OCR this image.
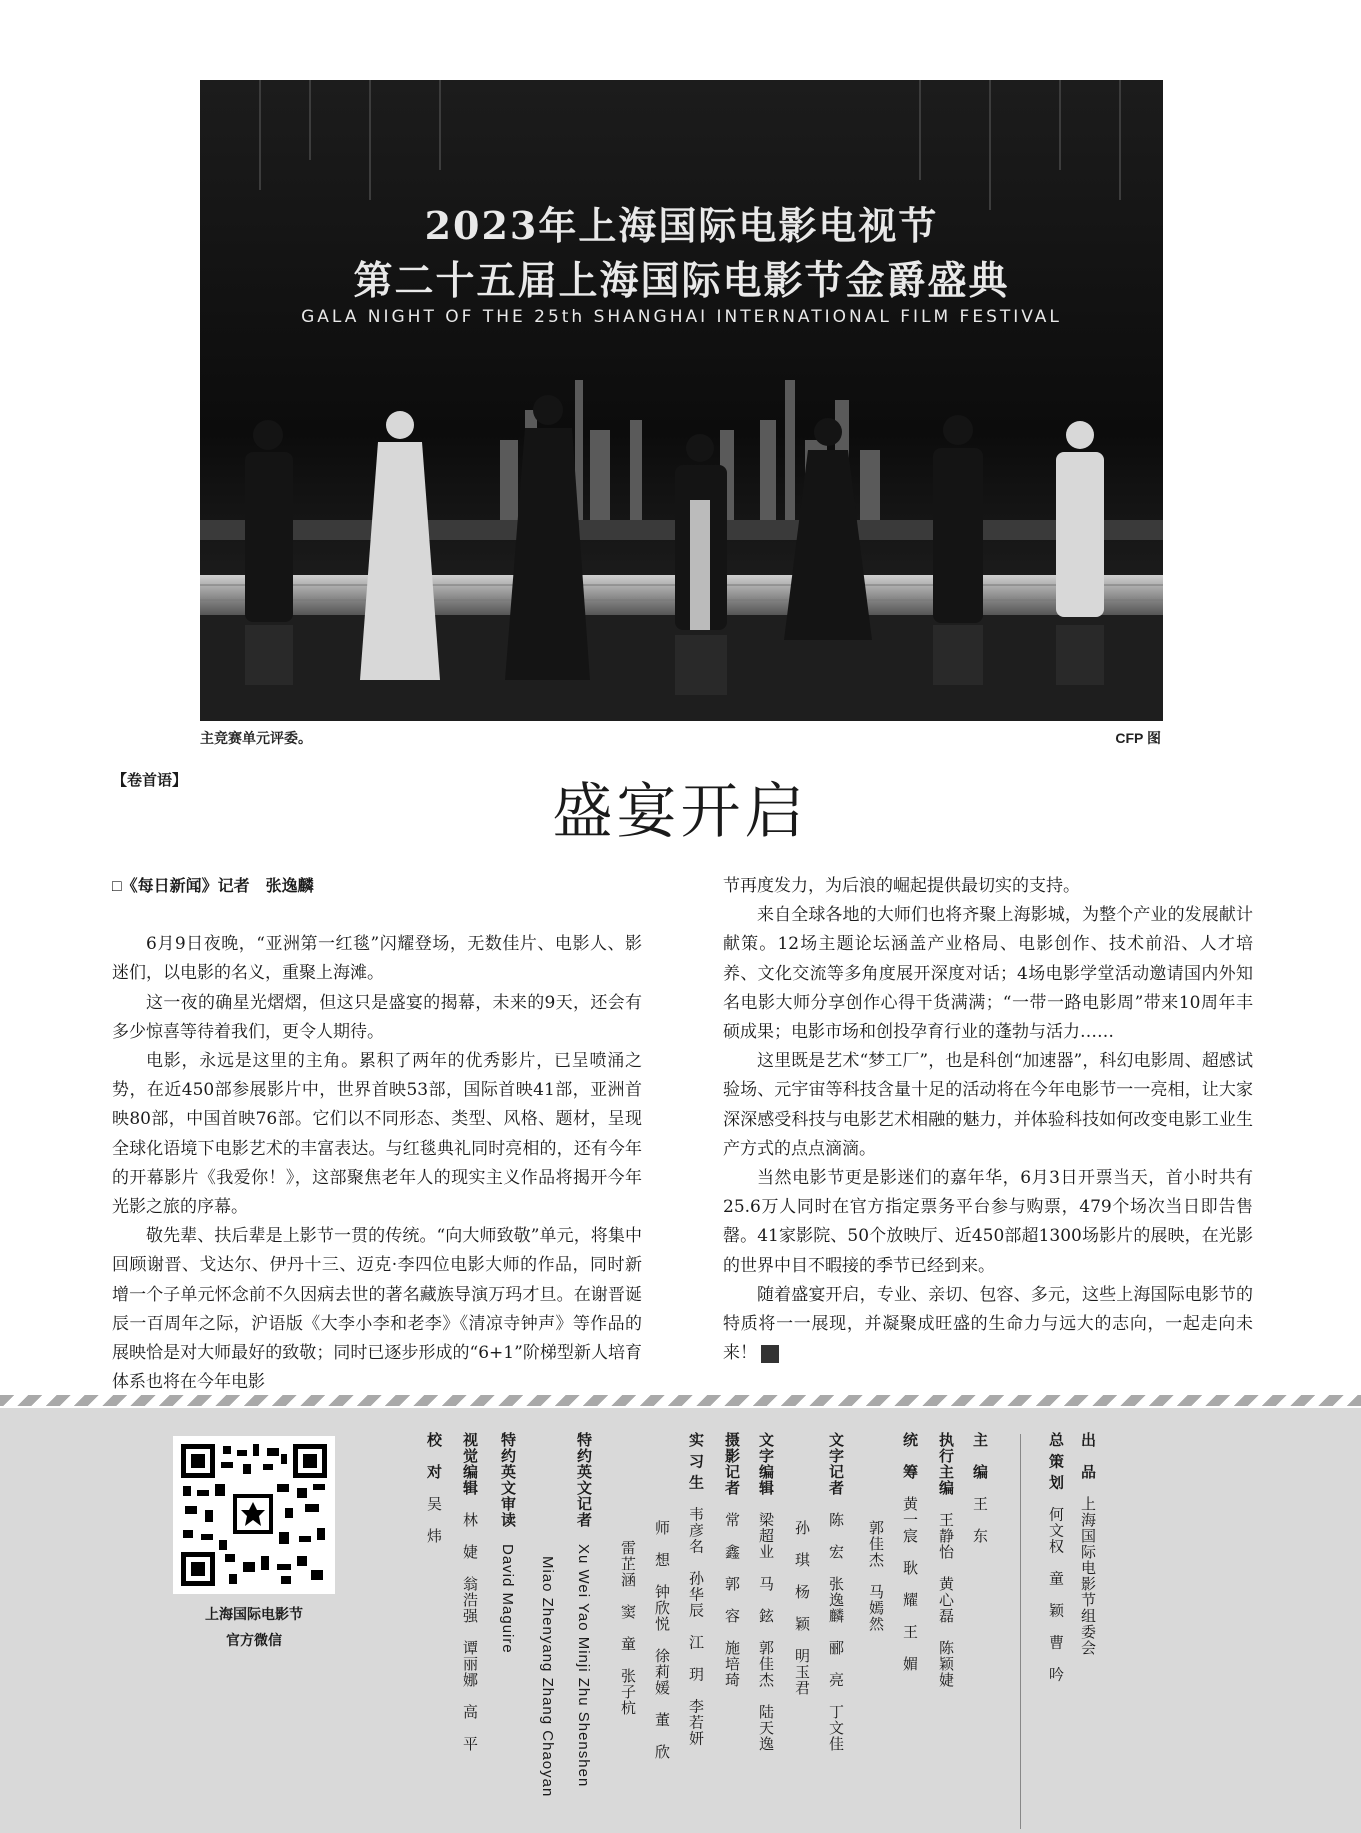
2023年上海国际电影电视节
第二十五届上海国际电影节金爵盛典
GALA NIGHT OF THE 25th SHANGHAI INTERNATIONAL FILM FESTIVAL
主竞赛单元评委。	CFP 图
【卷首语】	盛宴开启

□《每日新闻》记者　张逸麟

6月9日夜晚，“亚洲第一红毯”闪耀登场，无数佳片、电影人、影迷们，以电影的名义，重聚上海滩。

这一夜的确星光熠熠，但这只是盛宴的揭幕，未来的9天，还会有多少惊喜等待着我们，更令人期待。

电影，永远是这里的主角。累积了两年的优秀影片，已呈喷涌之势，在近450部参展影片中，世界首映53部，国际首映41部，亚洲首映80部，中国首映76部。它们以不同形态、类型、风格、题材，呈现全球化语境下电影艺术的丰富表达。与红毯典礼同时亮相的，还有今年的开幕影片《我爱你！》，这部聚焦老年人的现实主义作品将揭开今年光影之旅的序幕。

敬先辈、扶后辈是上影节一贯的传统。“向大师致敬”单元，将集中回顾谢晋、戈达尔、伊丹十三、迈克·李四位电影大师的作品，同时新增一个子单元怀念前不久因病去世的著名藏族导演万玛才旦。在谢晋诞辰一百周年之际，沪语版《大李小李和老李》《清凉寺钟声》等作品的展映恰是对大师最好的致敬；同时已逐步形成的“6+1”阶梯型新人培育体系也将在今年电影

节再度发力，为后浪的崛起提供最切实的支持。

来自全球各地的大师们也将齐聚上海影城，为整个产业的发展献计献策。12场主题论坛涵盖产业格局、电影创作、技术前沿、人才培养、文化交流等多角度展开深度对话；4场电影学堂活动邀请国内外知名电影大师分享创作心得干货满满；“一带一路电影周”带来10周年丰硕成果；电影市场和创投孕育行业的蓬勃与活力……

这里既是艺术“梦工厂”，也是科创“加速器”，科幻电影周、超感试验场、元宇宙等科技含量十足的活动将在今年电影节一一亮相，让大家深深感受科技与电影艺术相融的魅力，并体验科技如何改变电影工业生产方式的点点滴滴。

当然电影节更是影迷们的嘉年华，6月3日开票当天，首小时共有25.6万人同时在官方指定票务平台参与购票，479个场次当日即告售罄。41家影院、50个放映厅、近450部超1300场影片的展映，在光影的世界中目不暇接的季节已经到来。

随着盛宴开启，专业、亲切、包容、多元，这些上海国际电影节的特质将一一展现，并凝聚成旺盛的生命力与远大的志向，一起走向未来！	T

上海国际电影节
官方微信
出　品　上海国际电影节组委会
总 策 划　何文权　童　颖　曹　吟
主　编　王　东
执行主编　王静怡　黄心磊　陈颖婕
统　筹　黄一宸　耿　耀　王　媚
郭佳杰　马嫣然
文字记者　陈　宏　张逸麟　郦　亮　丁文佳
孙　琪　杨　颖　明玉君
文字编辑　梁超业　马　鉉　郭佳杰　陆天逸
摄影记者　常　鑫　郭　容　施培琦
实 习 生　韦彦名　孙华辰　江　玥　李若妍
师　想　钟欣悦　徐莉媛　董　欣
雷芷涵　窦　童　张子杭
特约英文记者　Xu Wei Yao Minji Zhu Shenshen
Miao Zhenyang Zhang Chaoyan
特约英文审读　David Maguire
视觉编辑　林　婕　翁浩强　谭丽娜　高　平
校　对　吴　炜
